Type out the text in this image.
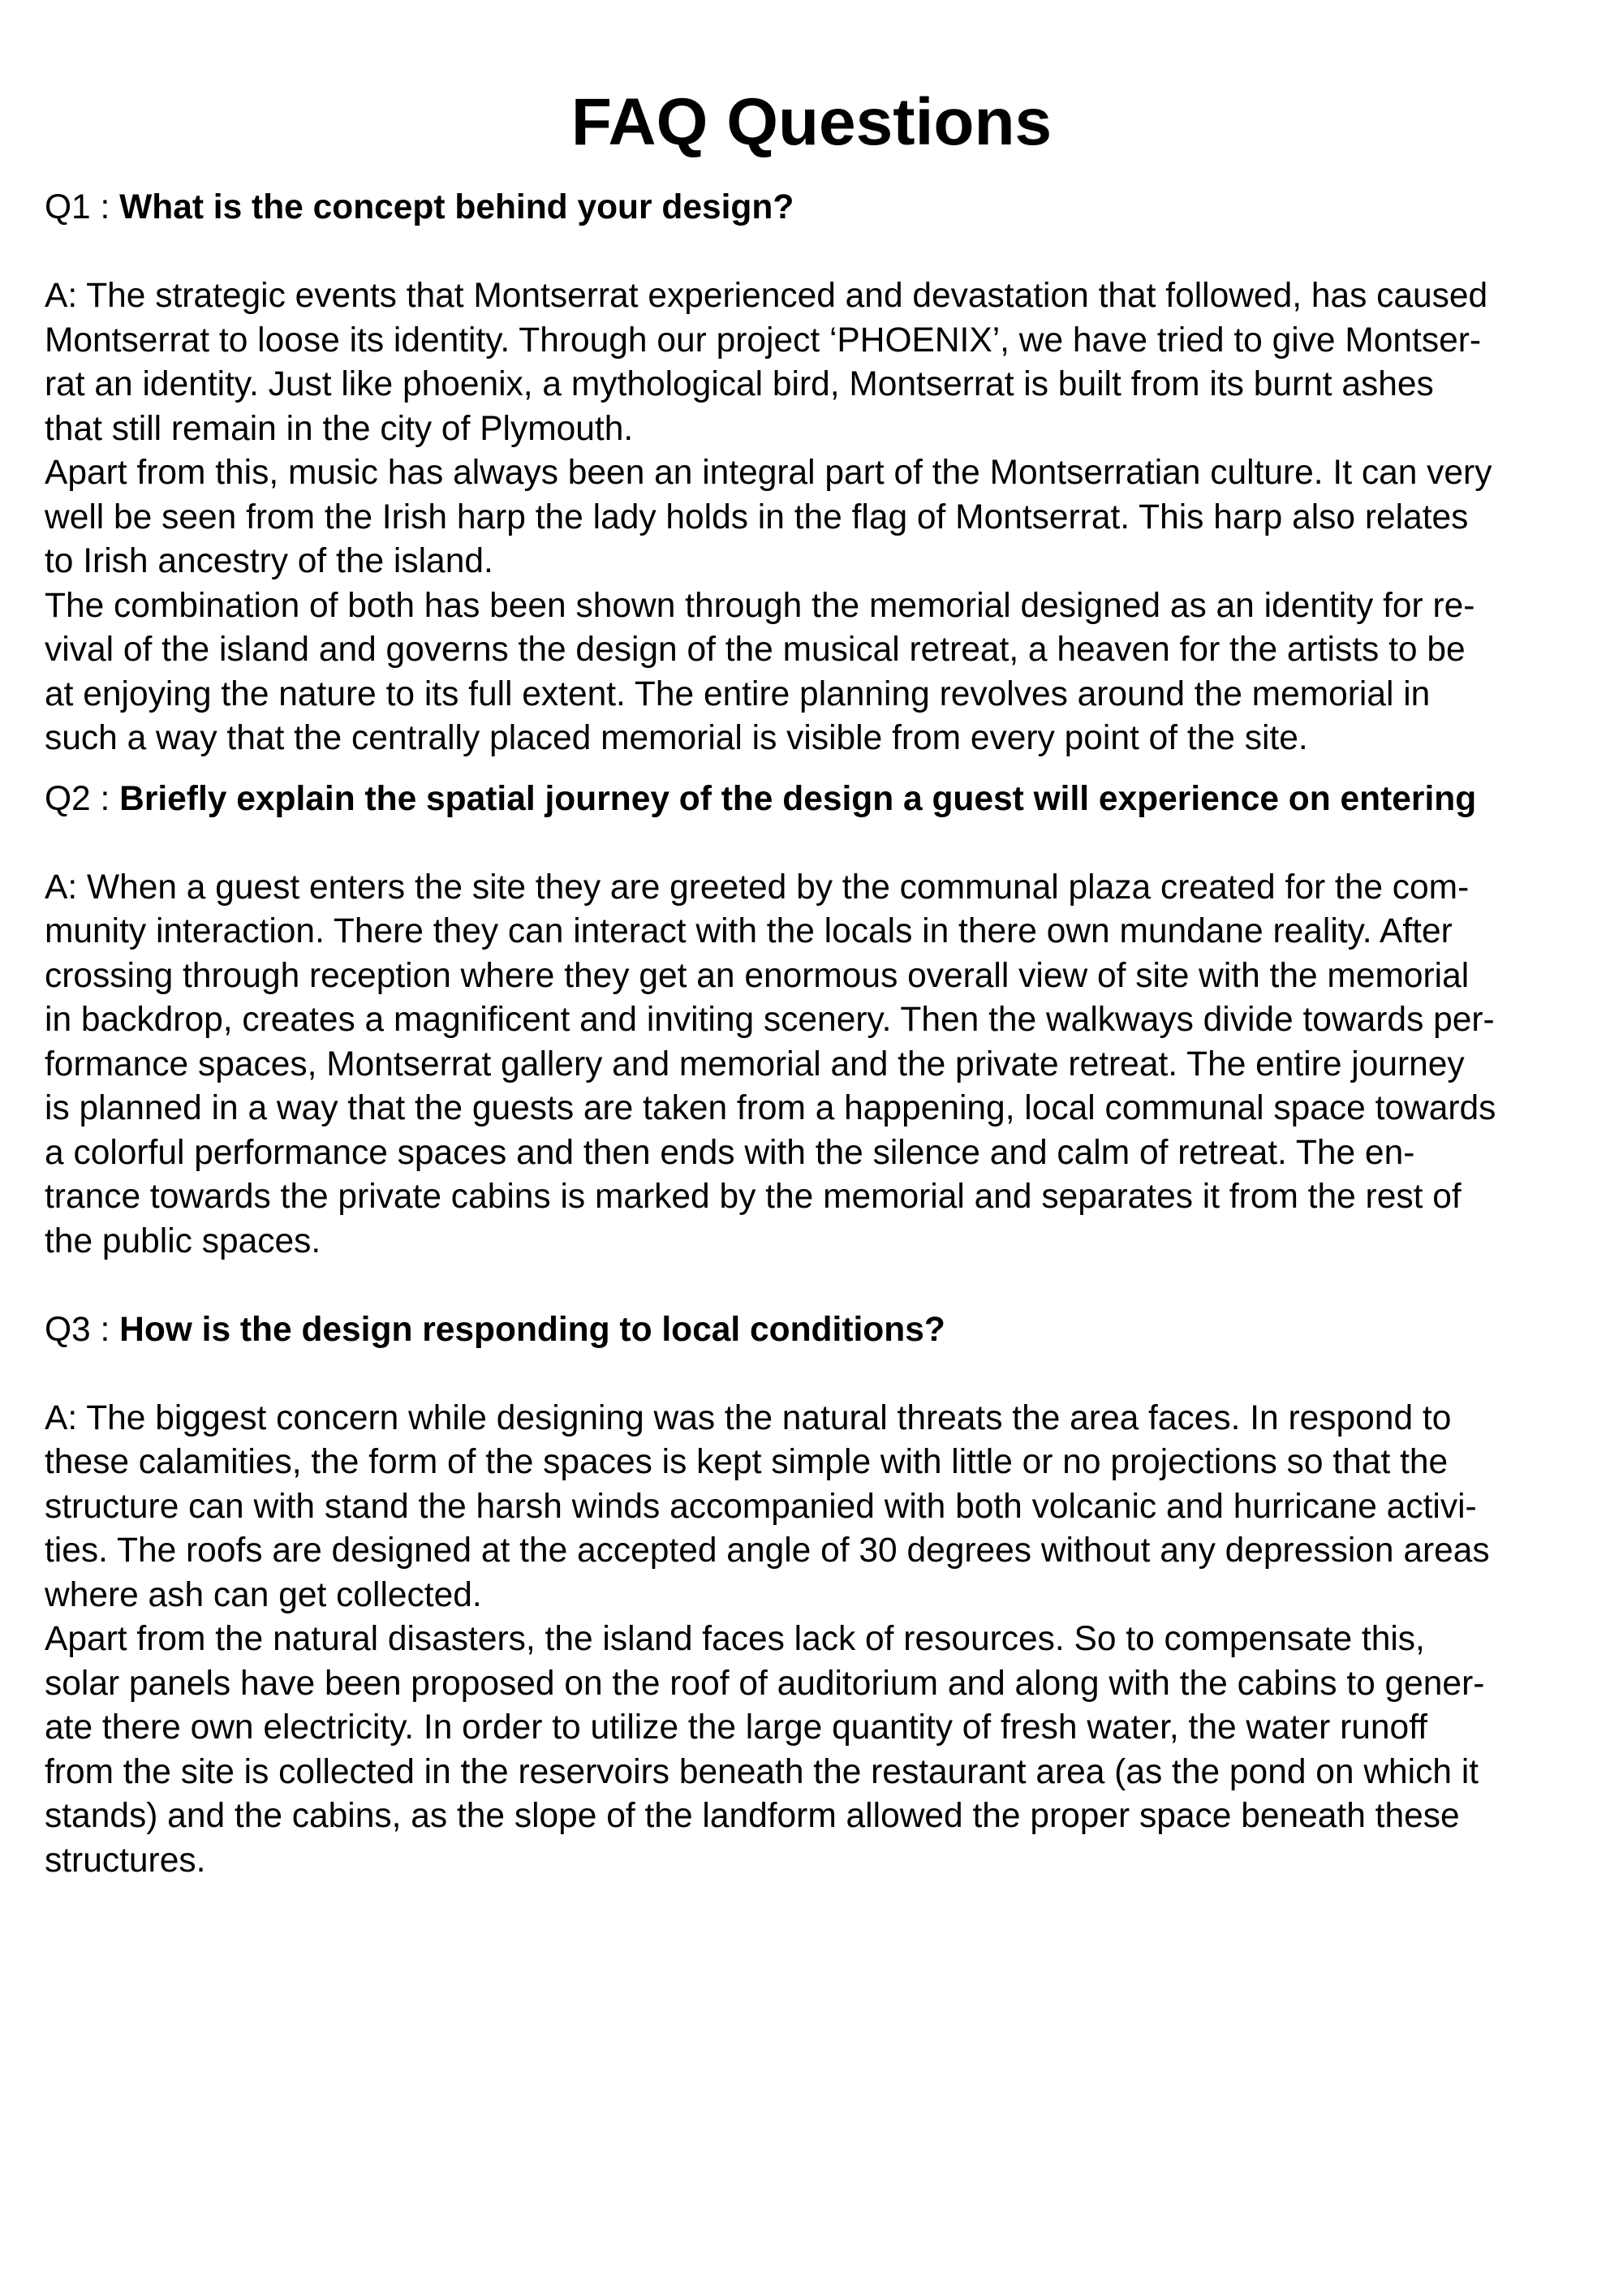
FAQ Questions

Q1 : What is the concept behind your design?

A: The strategic events that Montserrat experienced and devastation that followed, has caused
Montserrat to loose its identity. Through our project ‘PHOENIX’, we have tried to give Montser-
rat an identity. Just like phoenix, a mythological bird, Montserrat is built from its burnt ashes
that still remain in the city of Plymouth.

Apart from this, music has always been an integral part of the Montserratian culture. It can very
well be seen from the Irish harp the lady holds in the flag of Montserrat. This harp also relates
to Irish ancestry of the island.

The combination of both has been shown through the memorial designed as an identity for re-
vival of the island and governs the design of the musical retreat, a heaven for the artists to be
at enjoying the nature to its full extent. The entire planning revolves around the memorial in
such a way that the centrally placed memorial is visible from every point of the site.

Q2 : Briefly explain the spatial journey of the design a guest will experience on entering

A: When a guest enters the site they are greeted by the communal plaza created for the com-
munity interaction. There they can interact with the locals in there own mundane reality. After
crossing through reception where they get an enormous overall view of site with the memorial
in backdrop, creates a magnificent and inviting scenery. Then the walkways divide towards per-
formance spaces, Montserrat gallery and memorial and the private retreat. The entire journey
is planned in a way that the guests are taken from a happening, local communal space towards
a colorful performance spaces and then ends with the silence and calm of retreat. The en-
trance towards the private cabins is marked by the memorial and separates it from the rest of
the public spaces.

Q3 : How is the design responding to local conditions?

A: The biggest concern while designing was the natural threats the area faces. In respond to
these calamities, the form of the spaces is kept simple with little or no projections so that the
structure can with stand the harsh winds accompanied with both volcanic and hurricane activi-
ties. The roofs are designed at the accepted angle of 30 degrees without any depression areas
where ash can get collected.

Apart from the natural disasters, the island faces lack of resources. So to compensate this,
solar panels have been proposed on the roof of auditorium and along with the cabins to gener-
ate there own electricity. In order to utilize the large quantity of fresh water, the water runoff
from the site is collected in the reservoirs beneath the restaurant area (as the pond on which it
stands) and the cabins, as the slope of the landform allowed the proper space beneath these
structures.
